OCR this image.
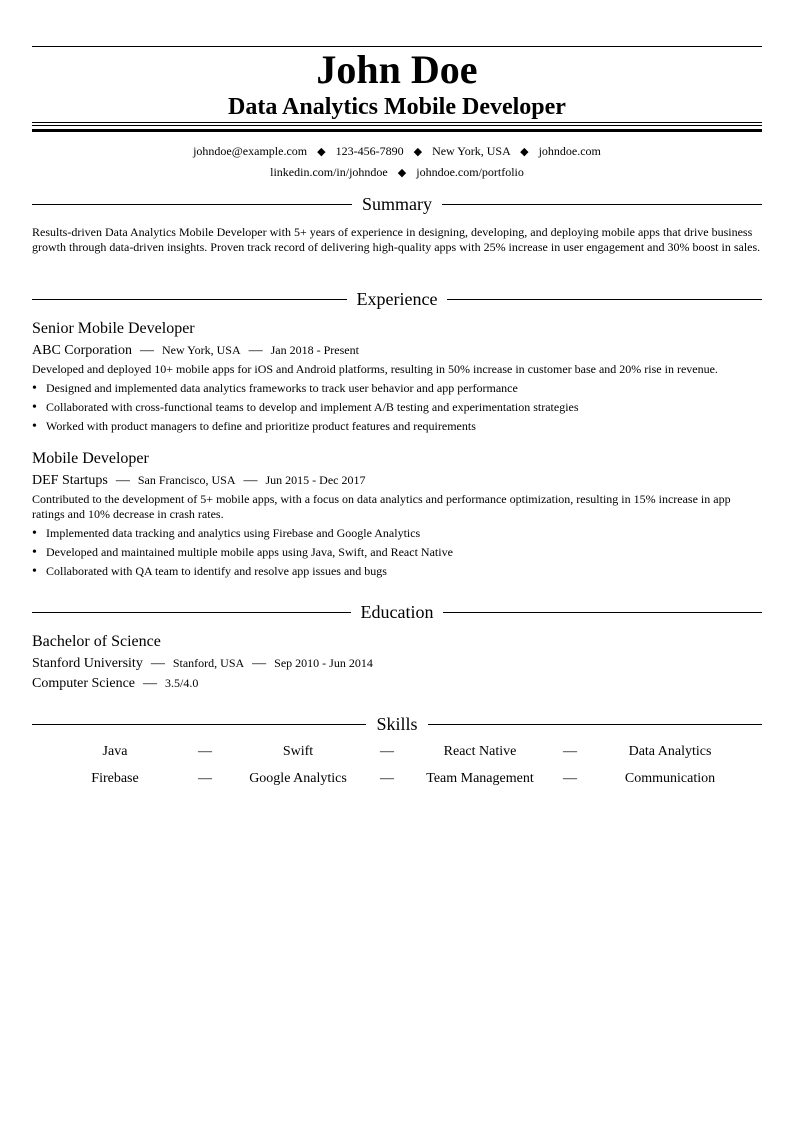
John Doe
Data Analytics Mobile Developer
johndoe@example.com ◆ 123-456-7890 ◆ New York, USA ◆ johndoe.com
linkedin.com/in/johndoe ◆ johndoe.com/portfolio
Summary
Results-driven Data Analytics Mobile Developer with 5+ years of experience in designing, developing, and deploying mobile apps that drive business growth through data-driven insights. Proven track record of delivering high-quality apps with 25% increase in user engagement and 30% boost in sales.
Experience
Senior Mobile Developer
ABC Corporation — New York, USA — Jan 2018 - Present
Developed and deployed 10+ mobile apps for iOS and Android platforms, resulting in 50% increase in customer base and 20% rise in revenue.
• Designed and implemented data analytics frameworks to track user behavior and app performance
• Collaborated with cross-functional teams to develop and implement A/B testing and experimentation strategies
• Worked with product managers to define and prioritize product features and requirements
Mobile Developer
DEF Startups — San Francisco, USA — Jun 2015 - Dec 2017
Contributed to the development of 5+ mobile apps, with a focus on data analytics and performance optimization, resulting in 15% increase in app ratings and 10% decrease in crash rates.
• Implemented data tracking and analytics using Firebase and Google Analytics
• Developed and maintained multiple mobile apps using Java, Swift, and React Native
• Collaborated with QA team to identify and resolve app issues and bugs
Education
Bachelor of Science
Stanford University — Stanford, USA — Sep 2010 - Jun 2014
Computer Science — 3.5/4.0
Skills
Java	—	Swift	—	React Native	—	Data Analytics
Firebase	—	Google Analytics	—	Team Management	—	Communication
